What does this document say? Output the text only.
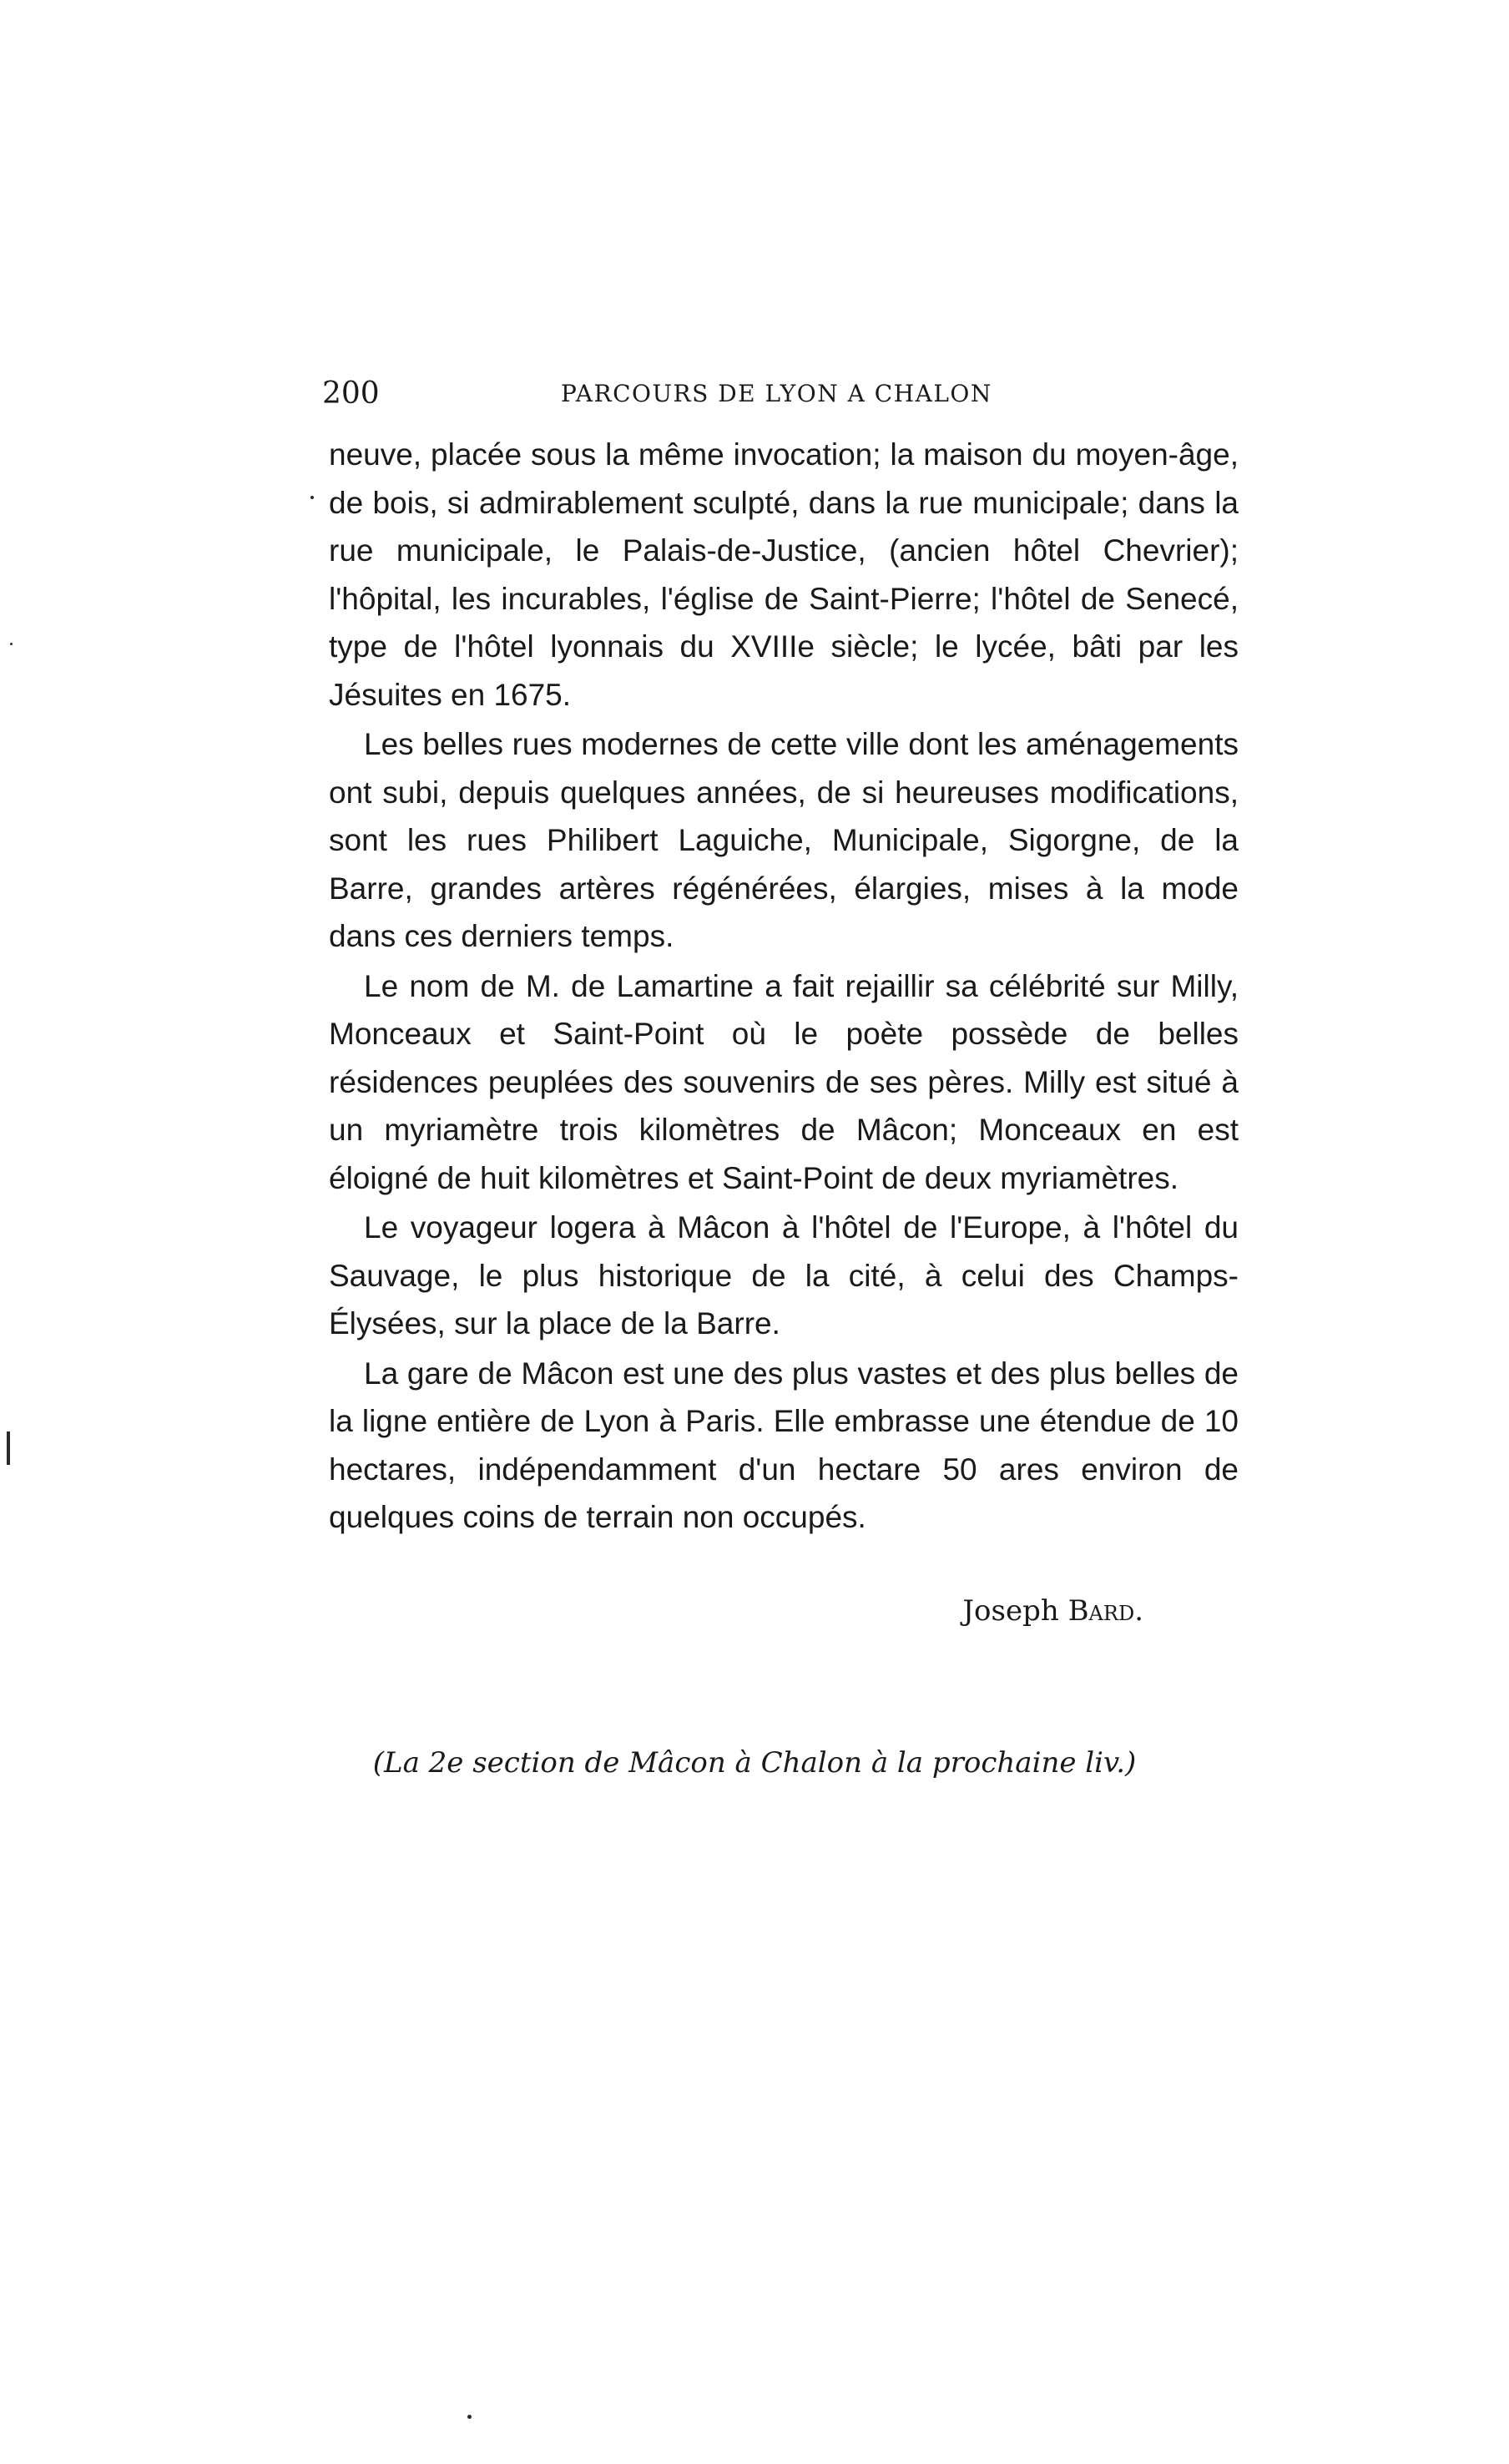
200	PARCOURS DE LYON A CHALON

neuve, placée sous la même invocation; la maison du moyen-âge, de bois, si admirablement sculpté, dans la rue municipale; dans la rue municipale, le Palais-de-Justice, (ancien hôtel Chevrier); l'hôpital, les incurables, l'église de Saint-Pierre; l'hôtel de Senecé, type de l'hôtel lyonnais du XVIIIe siècle; le lycée, bâti par les Jésuites en 1675.

Les belles rues modernes de cette ville dont les aménagements ont subi, depuis quelques années, de si heureuses modifications, sont les rues Philibert Laguiche, Municipale, Sigorgne, de la Barre, grandes artères régénérées, élargies, mises à la mode dans ces derniers temps.

Le nom de M. de Lamartine a fait rejaillir sa célébrité sur Milly, Monceaux et Saint-Point où le poète possède de belles résidences peuplées des souvenirs de ses pères. Milly est situé à un myriamètre trois kilomètres de Mâcon; Monceaux en est éloigné de huit kilomètres et Saint-Point de deux myriamètres.

Le voyageur logera à Mâcon à l'hôtel de l'Europe, à l'hôtel du Sauvage, le plus historique de la cité, à celui des Champs-Élysées, sur la place de la Barre.

La gare de Mâcon est une des plus vastes et des plus belles de la ligne entière de Lyon à Paris. Elle embrasse une étendue de 10 hectares, indépendamment d'un hectare 50 ares environ de quelques coins de terrain non occupés.

Joseph Bard.
(La 2e section de Mâcon à Chalon à la prochaine liv.)
